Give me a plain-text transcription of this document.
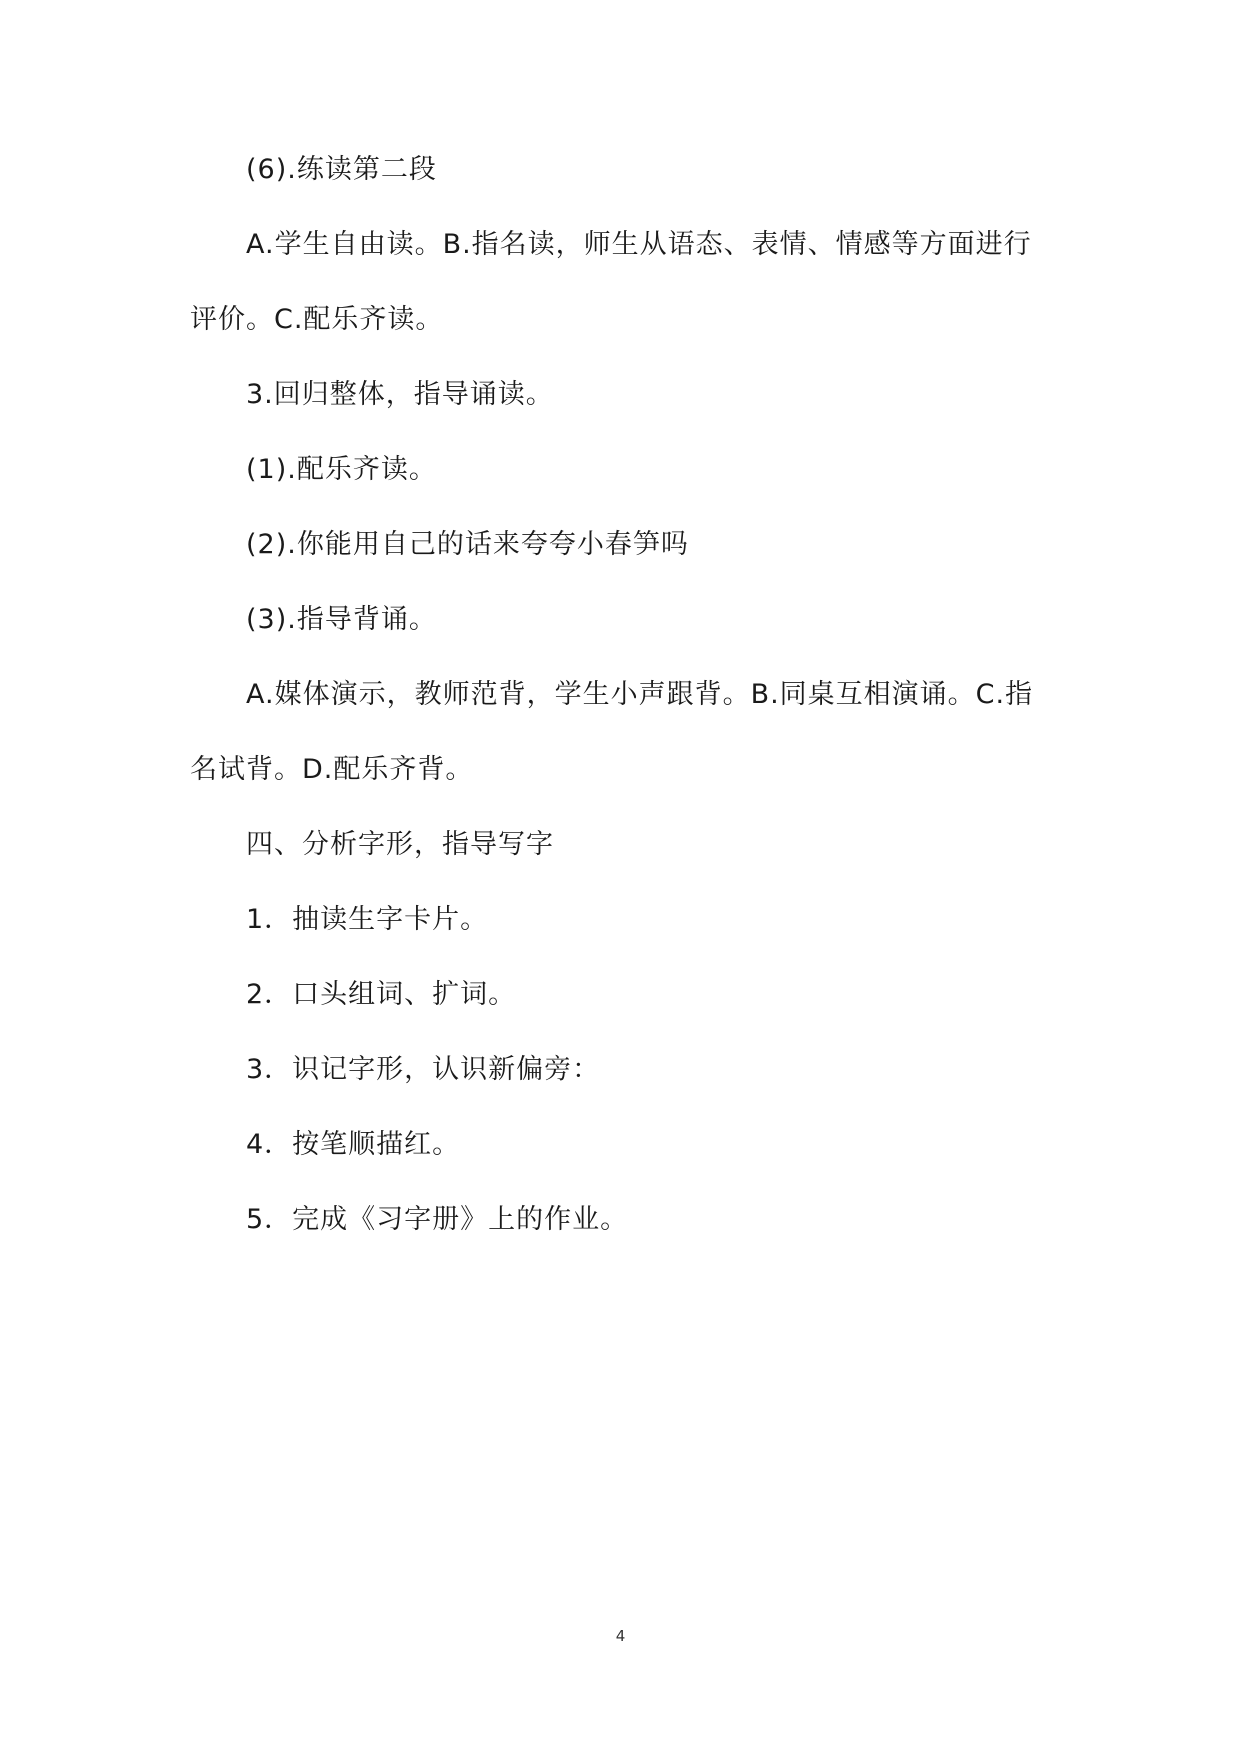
(6).练读第二段
A.学生自由读。B.指名读，师生从语态、表情、情感等方面进行
评价。C.配乐齐读。
3.回归整体，指导诵读。
(1).配乐齐读。
(2).你能用自己的话来夸夸小春笋吗
(3).指导背诵。
A.媒体演示，教师范背，学生小声跟背。B.同桌互相演诵。C.指
名试背。D.配乐齐背。
四、分析字形，指导写字
1．抽读生字卡片。
2．口头组词、扩词。
3．识记字形，认识新偏旁：
4．按笔顺描红。
5．完成《习字册》上的作业。
4
